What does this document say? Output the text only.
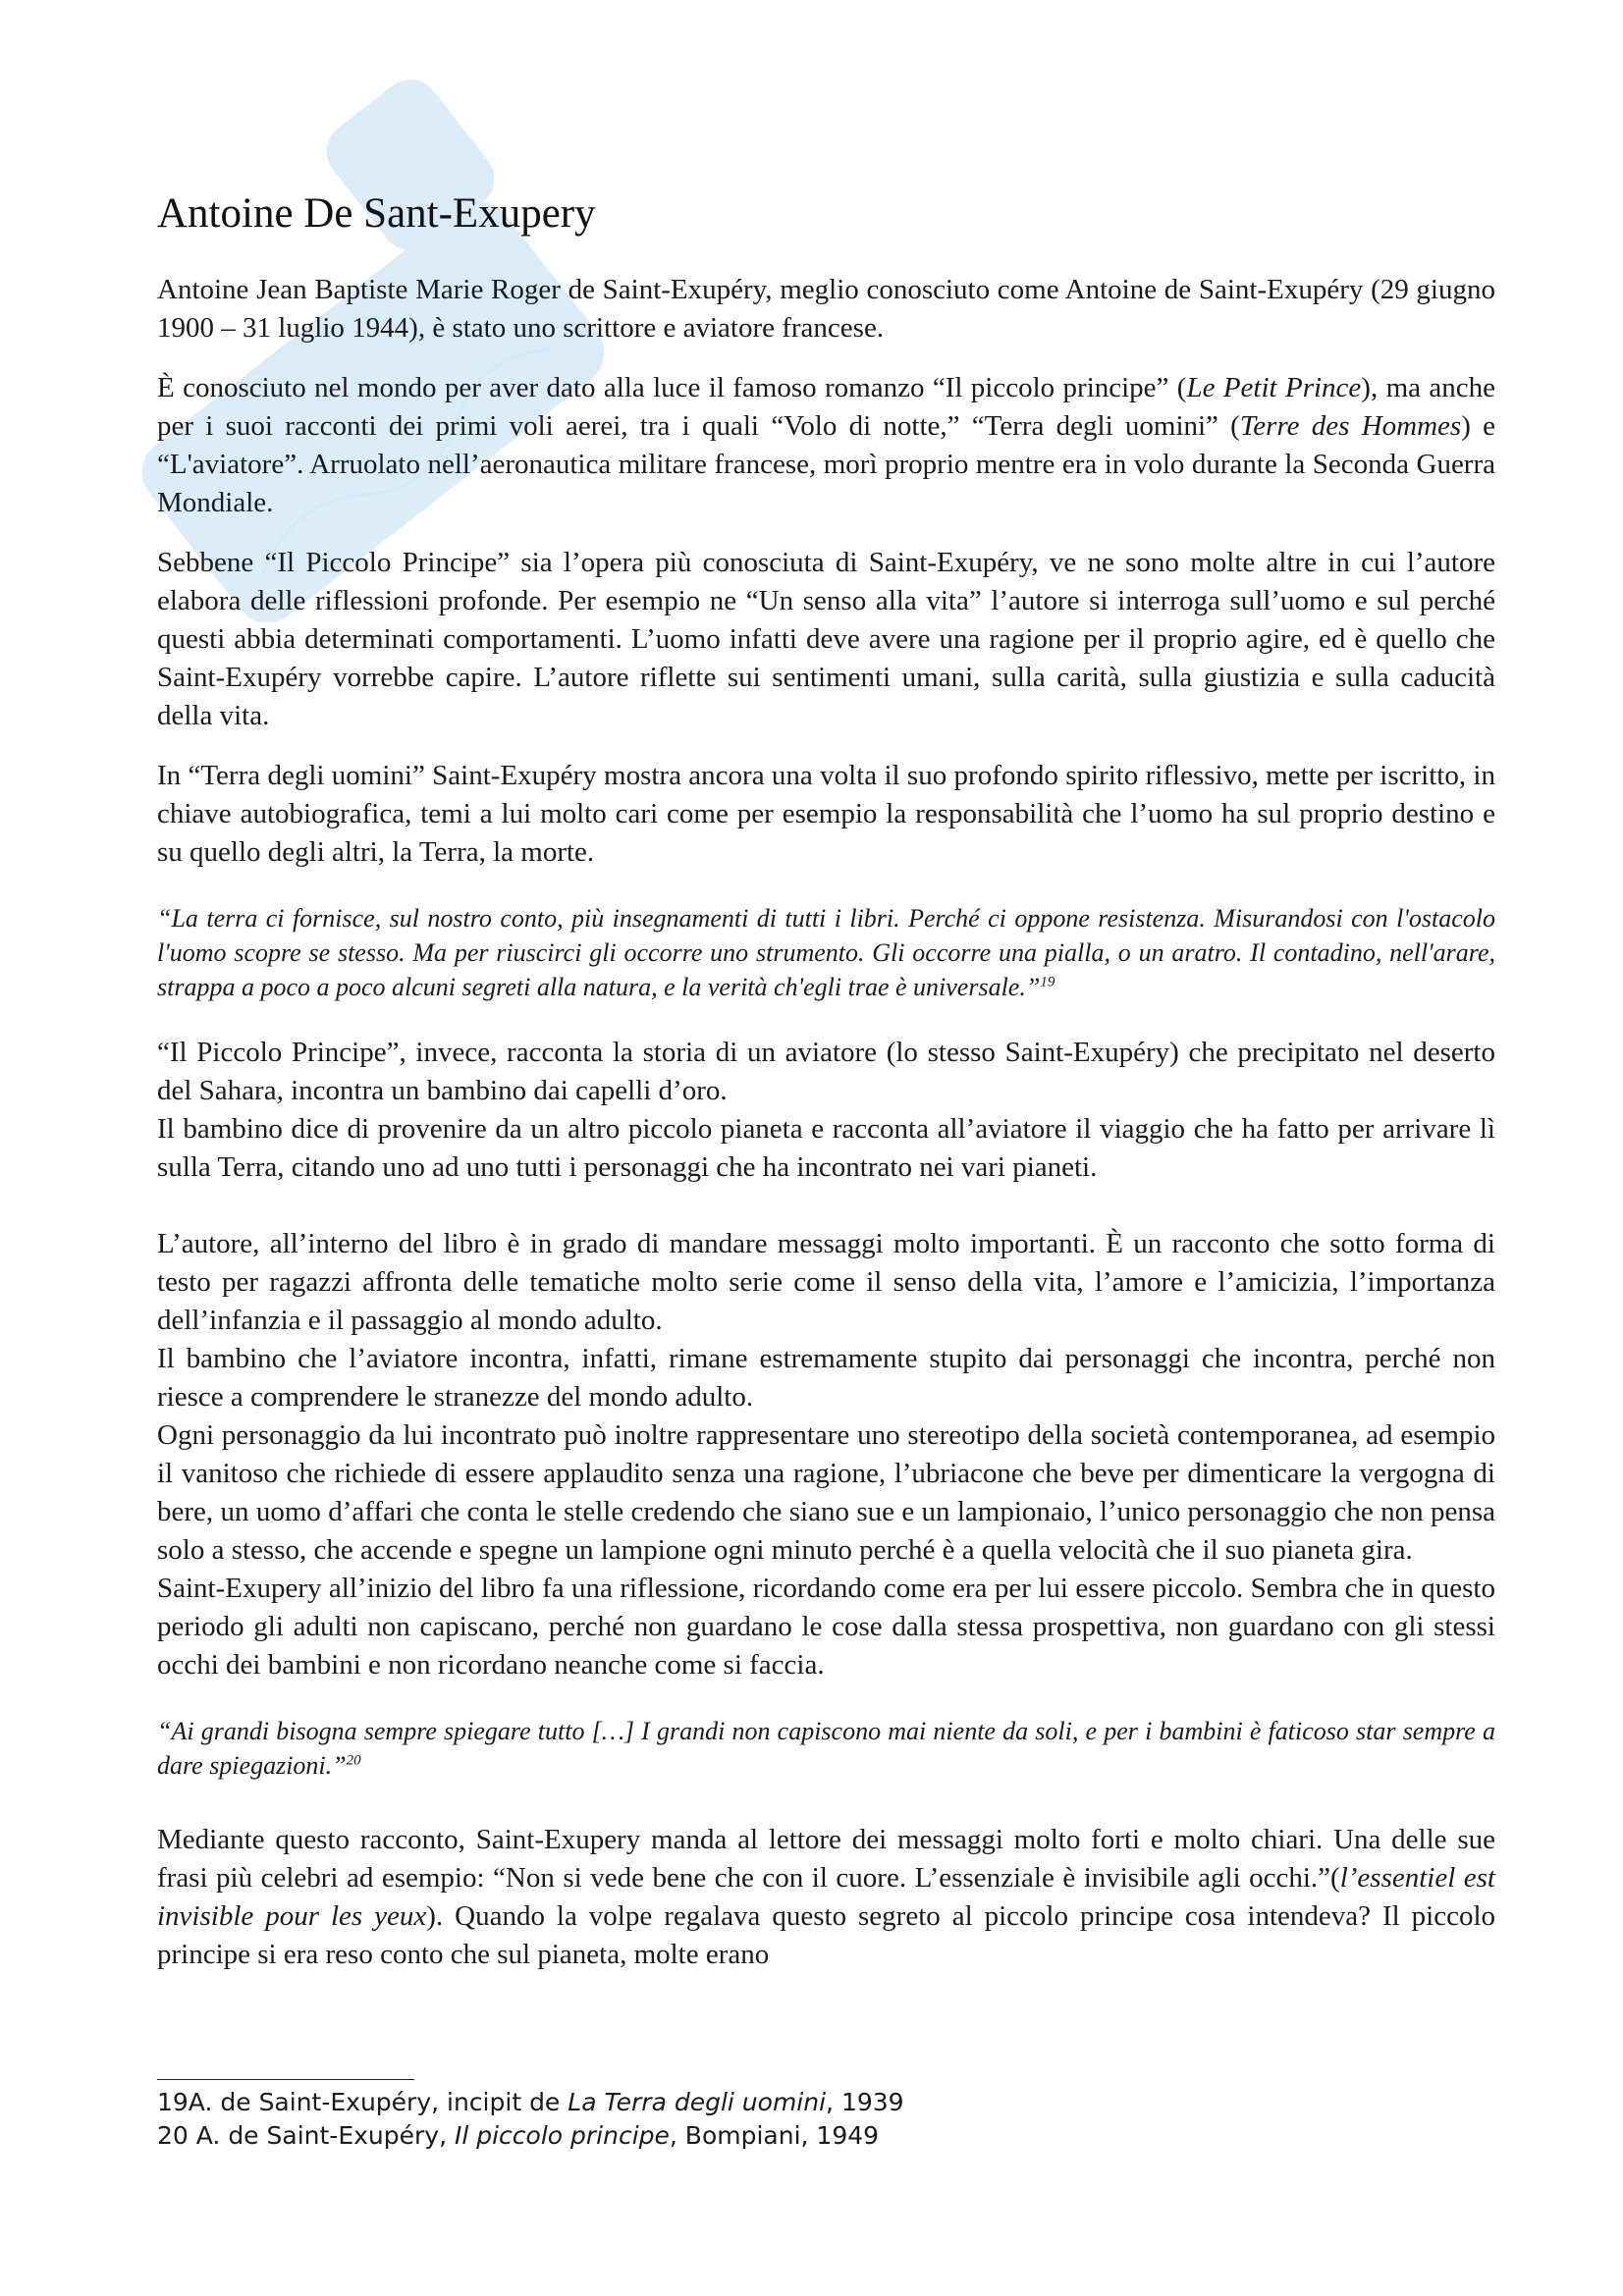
Antoine De Sant-Exupery

Antoine Jean Baptiste Marie Roger de Saint-Exupéry, meglio conosciuto come Antoine de Saint-Exupéry (29 giugno 1900 – 31 luglio 1944), è stato uno scrittore e aviatore francese.

È conosciuto nel mondo per aver dato alla luce il famoso romanzo “Il piccolo principe” (Le Petit Prince), ma anche per i suoi racconti dei primi voli aerei, tra i quali “Volo di notte,” “Terra degli uomini” (Terre des Hommes) e “L'aviatore”. Arruolato nell’aeronautica militare francese, morì proprio mentre era in volo durante la Seconda Guerra Mondiale.

Sebbene “Il Piccolo Principe” sia l’opera più conosciuta di Saint-Exupéry, ve ne sono molte altre in cui l’autore elabora delle riflessioni profonde. Per esempio ne “Un senso alla vita” l’autore si interroga sull’uomo e sul perché questi abbia determinati comportamenti. L’uomo infatti deve avere una ragione per il proprio agire, ed è quello che Saint-Exupéry vorrebbe capire. L’autore riflette sui sentimenti umani, sulla carità, sulla giustizia e sulla caducità della vita.

In “Terra degli uomini” Saint-Exupéry mostra ancora una volta il suo profondo spirito riflessivo, mette per iscritto, in chiave autobiografica, temi a lui molto cari come per esempio la responsabilità che l’uomo ha sul proprio destino e su quello degli altri, la Terra, la morte.

“La terra ci fornisce, sul nostro conto, più insegnamenti di tutti i libri. Perché ci oppone resistenza. Misurandosi con l'ostacolo l'uomo scopre se stesso. Ma per riuscirci gli occorre uno strumento. Gli occorre una pialla, o un aratro. Il contadino, nell'arare, strappa a poco a poco alcuni segreti alla natura, e la verità ch'egli trae è universale.”$^{19}$

“Il Piccolo Principe”, invece, racconta la storia di un aviatore (lo stesso Saint-Exupéry) che precipitato nel deserto del Sahara, incontra un bambino dai capelli d’oro.

Il bambino dice di provenire da un altro piccolo pianeta e racconta all’aviatore il viaggio che ha fatto per arrivare lì sulla Terra, citando uno ad uno tutti i personaggi che ha incontrato nei vari pianeti.

L’autore, all’interno del libro è in grado di mandare messaggi molto importanti. È un racconto che sotto forma di testo per ragazzi affronta delle tematiche molto serie come il senso della vita, l’amore e l’amicizia, l’importanza dell’infanzia e il passaggio al mondo adulto.

Il bambino che l’aviatore incontra, infatti, rimane estremamente stupito dai personaggi che incontra, perché non riesce a comprendere le stranezze del mondo adulto.

Ogni personaggio da lui incontrato può inoltre rappresentare uno stereotipo della società contemporanea, ad esempio il vanitoso che richiede di essere applaudito senza una ragione, l’ubriacone che beve per dimenticare la vergogna di bere, un uomo d’affari che conta le stelle credendo che siano sue e un lampionaio, l’unico personaggio che non pensa solo a stesso, che accende e spegne un lampione ogni minuto perché è a quella velocità che il suo pianeta gira.

Saint-Exupery all’inizio del libro fa una riflessione, ricordando come era per lui essere piccolo. Sembra che in questo periodo gli adulti non capiscano, perché non guardano le cose dalla stessa prospettiva, non guardano con gli stessi occhi dei bambini e non ricordano neanche come si faccia.

“Ai grandi bisogna sempre spiegare tutto […] I grandi non capiscono mai niente da soli, e per i bambini è faticoso star sempre a dare spiegazioni.”$^{20}$

Mediante questo racconto, Saint-Exupery manda al lettore dei messaggi molto forti e molto chiari. Una delle sue frasi più celebri ad esempio: “Non si vede bene che con il cuore. L’essenziale è invisibile agli occhi.”(l’essentiel est invisible pour les yeux). Quando la volpe regalava questo segreto al piccolo principe cosa intendeva? Il piccolo principe si era reso conto che sul pianeta, molte erano

19A. de Saint-Exupéry, incipit de La Terra degli uomini, 1939
20 A. de Saint-Exupéry, Il piccolo principe, Bompiani, 1949
